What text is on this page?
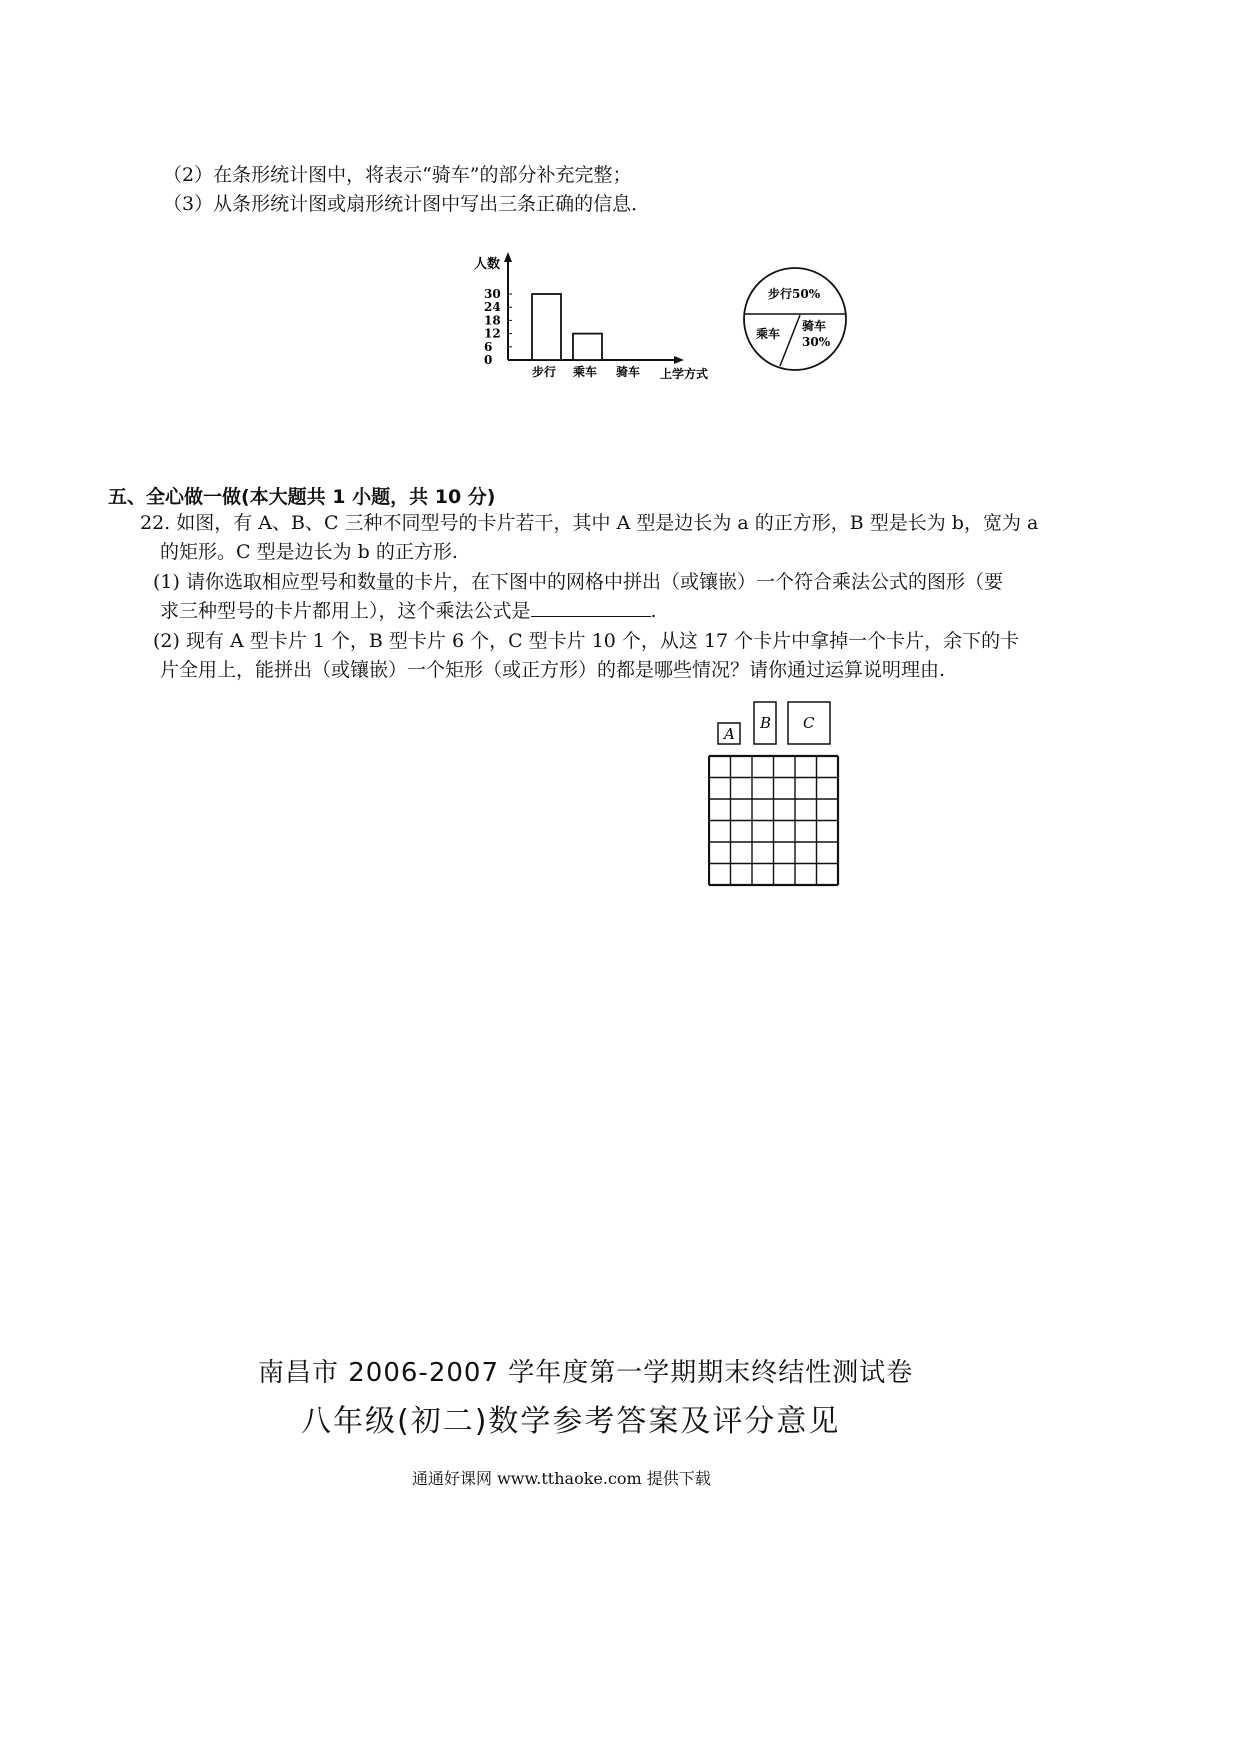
（2）在条形统计图中，将表示“骑车”的部分补充完整；
（3）从条形统计图或扇形统计图中写出三条正确的信息．
人数
0
6
12
18
24
30
步行 乘车 骑车 上学方式
步行50%
乘车
骑车
30%
五、全心做一做(本大题共 1 小题，共 10 分)
22. 如图，有 A、B、C 三种不同型号的卡片若干，其中 A 型是边长为 a 的正方形，B 型是长为 b，宽为 a
的矩形。C 型是边长为 b 的正方形.
(1) 请你选取相应型号和数量的卡片，在下图中的网格中拼出（或镶嵌）一个符合乘法公式的图形（要
求三种型号的卡片都用上），这个乘法公式是	.
(2) 现有 A 型卡片 1 个，B 型卡片 6 个，C 型卡片 10 个，从这 17 个卡片中拿掉一个卡片，余下的卡
片全用上，能拼出（或镶嵌）一个矩形（或正方形）的都是哪些情况？请你通过运算说明理由.
A
B C
南昌市 2006-2007 学年度第一学期期末终结性测试卷
八年级(初二)数学参考答案及评分意见
通通好课网 www.tthaoke.com 提供下载
